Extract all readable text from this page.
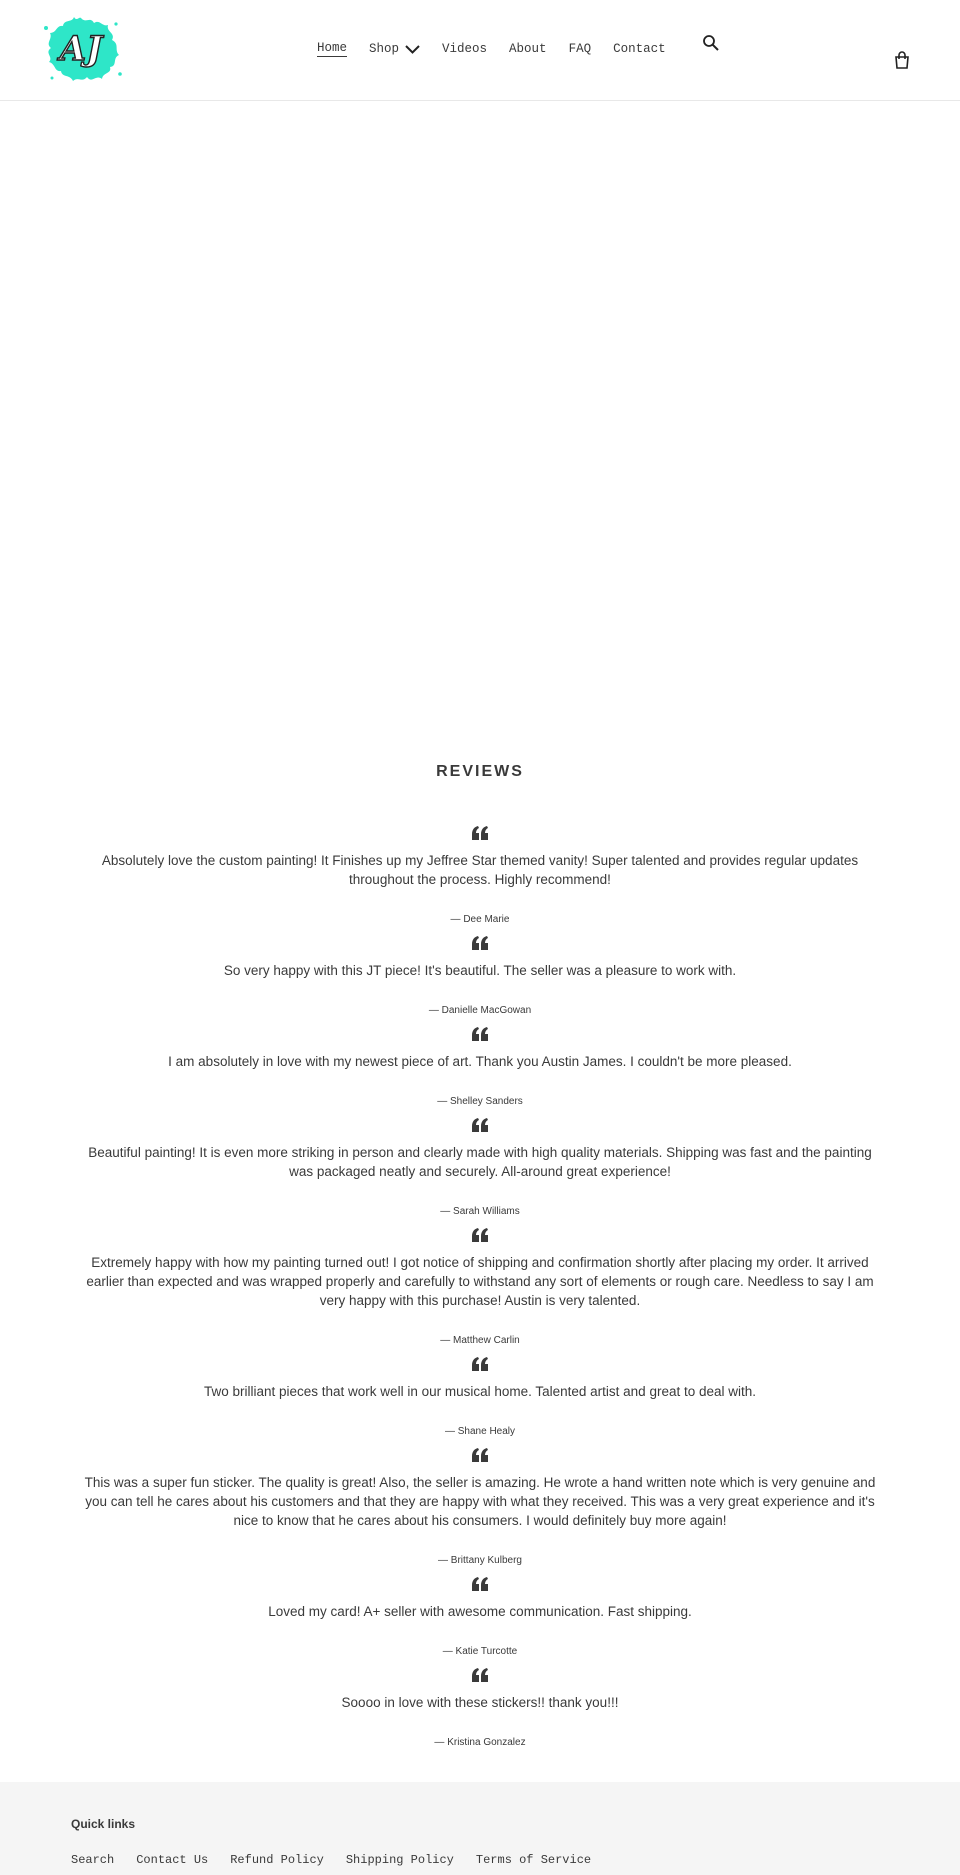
AJ	Home Shop	Videos About FAQ Contact
REVIEWS

Absolutely love the custom painting! It Finishes up my Jeffree Star themed vanity! Super talented and provides regular updates throughout the process. Highly recommend!

— Dee Marie

So very happy with this JT piece! It's beautiful. The seller was a pleasure to work with.

— Danielle MacGowan

I am absolutely in love with my newest piece of art. Thank you Austin James. I couldn't be more pleased.

— Shelley Sanders

Beautiful painting! It is even more striking in person and clearly made with high quality materials. Shipping was fast and the painting was packaged neatly and securely. All-around great experience!

— Sarah Williams

Extremely happy with how my painting turned out! I got notice of shipping and confirmation shortly after placing my order. It arrived earlier than expected and was wrapped properly and carefully to withstand any sort of elements or rough care. Needless to say I am very happy with this purchase! Austin is very talented.

— Matthew Carlin

Two brilliant pieces that work well in our musical home. Talented artist and great to deal with.

— Shane Healy

This was a super fun sticker. The quality is great! Also, the seller is amazing. He wrote a hand written note which is very genuine and you can tell he cares about his customers and that they are happy with what they received. This was a very great experience and it's nice to know that he cares about his consumers. I would definitely buy more again!

— Brittany Kulberg

Loved my card! A+ seller with awesome communication. Fast shipping.

— Katie Turcotte

Soooo in love with these stickers!! thank you!!!

— Kristina Gonzalez

Quick links
Search Contact Us Refund Policy Shipping Policy Terms of Service
